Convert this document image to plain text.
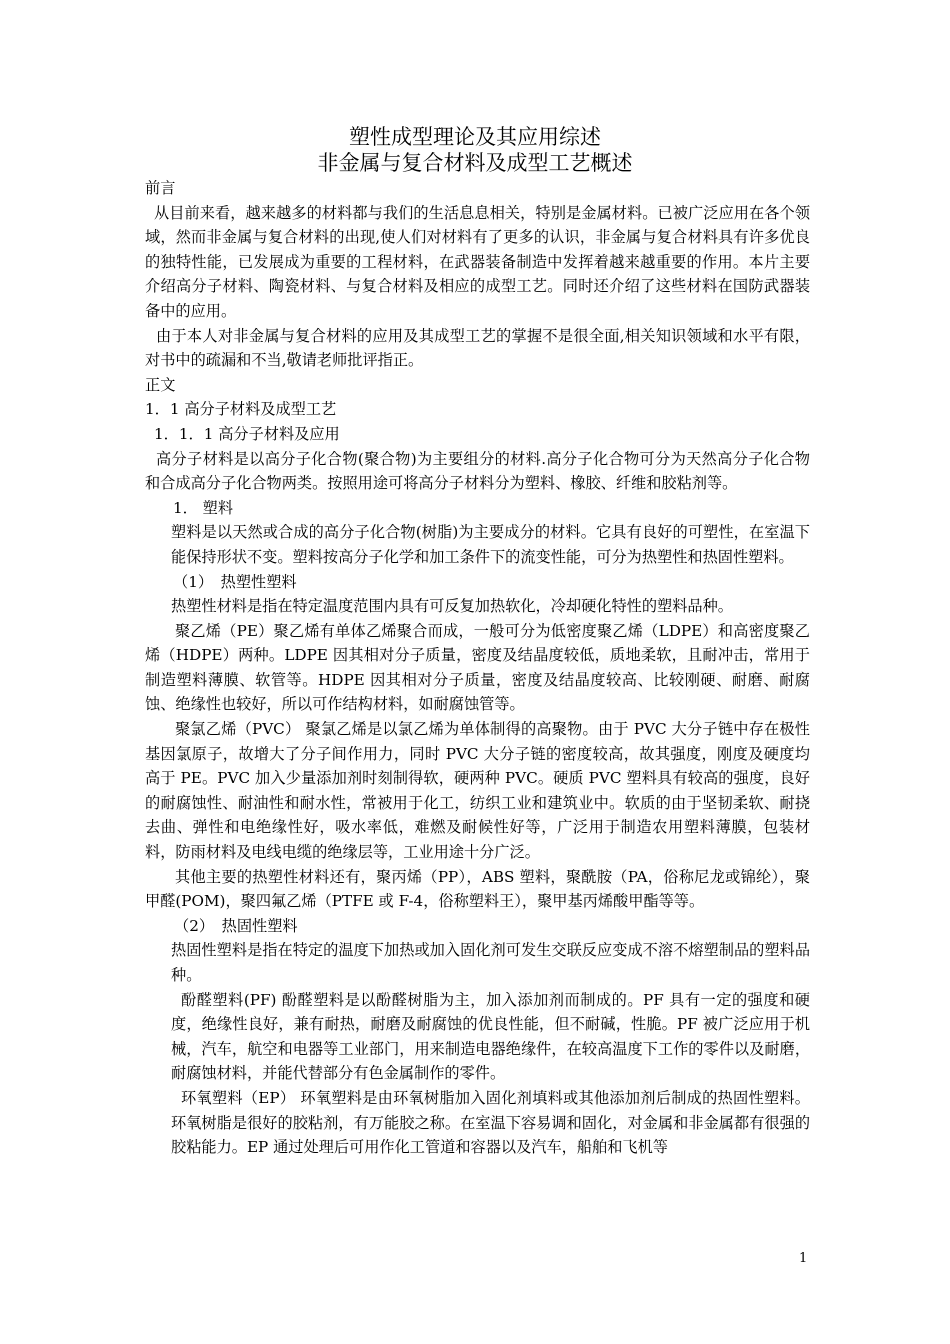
塑性成型理论及其应用综述
非金属与复合材料及成型工艺概述

前言

从目前来看，越来越多的材料都与我们的生活息息相关，特别是金属材料。已被广泛应用在各个领域，然而非金属与复合材料的出现,使人们对材料有了更多的认识，非金属与复合材料具有许多优良的独特性能，已发展成为重要的工程材料，在武器装备制造中发挥着越来越重要的作用。本片主要介绍高分子材料、陶瓷材料、与复合材料及相应的成型工艺。同时还介绍了这些材料在国防武器装备中的应用。

由于本人对非金属与复合材料的应用及其成型工艺的掌握不是很全面,相关知识领域和水平有限，对书中的疏漏和不当,敬请老师批评指正。

正文

1．1 高分子材料及成型工艺

1．1．1 高分子材料及应用

高分子材料是以高分子化合物(聚合物)为主要组分的材料.高分子化合物可分为天然高分子化合物和合成高分子化合物两类。按照用途可将高分子材料分为塑料、橡胶、纤维和胶粘剂等。

1． 塑料

塑料是以天然或合成的高分子化合物(树脂)为主要成分的材料。它具有良好的可塑性，在室温下能保持形状不变。塑料按高分子化学和加工条件下的流变性能，可分为热塑性和热固性塑料。

（1）　热塑性塑料

热塑性材料是指在特定温度范围内具有可反复加热软化，冷却硬化特性的塑料品种。

聚乙烯（PE）聚乙烯有单体乙烯聚合而成，一般可分为低密度聚乙烯（LDPE）和高密度聚乙烯（HDPE）两种。LDPE 因其相对分子质量，密度及结晶度较低，质地柔软，且耐冲击，常用于制造塑料薄膜、软管等。HDPE 因其相对分子质量，密度及结晶度较高、比较刚硬、耐磨、耐腐蚀、绝缘性也较好，所以可作结构材料，如耐腐蚀管等。

聚氯乙烯（PVC） 聚氯乙烯是以氯乙烯为单体制得的高聚物。由于 PVC 大分子链中存在极性基因氯原子，故增大了分子间作用力，同时 PVC 大分子链的密度较高，故其强度，刚度及硬度均高于 PE。PVC 加入少量添加剂时刻制得软，硬两种 PVC。硬质 PVC 塑料具有较高的强度，良好的耐腐蚀性、耐油性和耐水性，常被用于化工，纺织工业和建筑业中。软质的由于坚韧柔软、耐挠去曲、弹性和电绝缘性好，吸水率低，难燃及耐候性好等，广泛用于制造农用塑料薄膜，包装材料，防雨材料及电线电缆的绝缘层等，工业用途十分广泛。

其他主要的热塑性材料还有，聚丙烯（PP），ABS 塑料，聚酰胺（PA，俗称尼龙或锦纶），聚甲醛(POM)，聚四氟乙烯（PTFE 或 F-4，俗称塑料王），聚甲基丙烯酸甲酯等等。

（2）　热固性塑料

热固性塑料是指在特定的温度下加热或加入固化剂可发生交联反应变成不溶不熔塑制品的塑料品种。

酚醛塑料(PF) 酚醛塑料是以酚醛树脂为主，加入添加剂而制成的。PF 具有一定的强度和硬度，绝缘性良好，兼有耐热，耐磨及耐腐蚀的优良性能，但不耐碱，性脆。PF 被广泛应用于机械，汽车，航空和电器等工业部门，用来制造电器绝缘件，在较高温度下工作的零件以及耐磨，耐腐蚀材料，并能代替部分有色金属制作的零件。

环氧塑料（EP） 环氧塑料是由环氧树脂加入固化剂填料或其他添加剂后制成的热固性塑料。环氧树脂是很好的胶粘剂，有万能胶之称。在室温下容易调和固化，对金属和非金属都有很强的胶粘能力。EP 通过处理后可用作化工管道和容器以及汽车，船舶和飞机等

1
